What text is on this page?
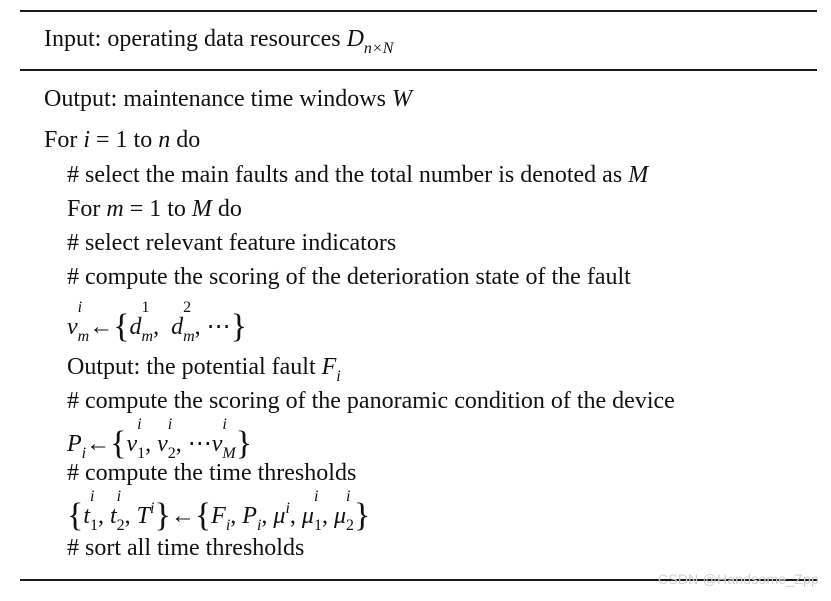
Input: operating data resources $D_{n\times N}$
Output: maintenance time windows W
For i = 1 to n do
# select the main faults and the total number is denoted as M
For m = 1 to M do
# select relevant feature indicators
# compute the scoring of the deterioration state of the fault
v
i
m←{d
1
m, d
2
m, ⋯}
Output: the potential fault $F_i$
# compute the scoring of the panoramic condition of the device
$P_i\leftarrow\{v$
i
1, v
i
2, ⋯v
i
M}
# compute the time thresholds
{t
i
1, t
i
2, $T^i\}\leftarrow\{F_i$, $P_i$, $\mu^i$, μ
i
1, μ
i
2}
# sort all time thresholds
CSDN @Handsome_Zpp
